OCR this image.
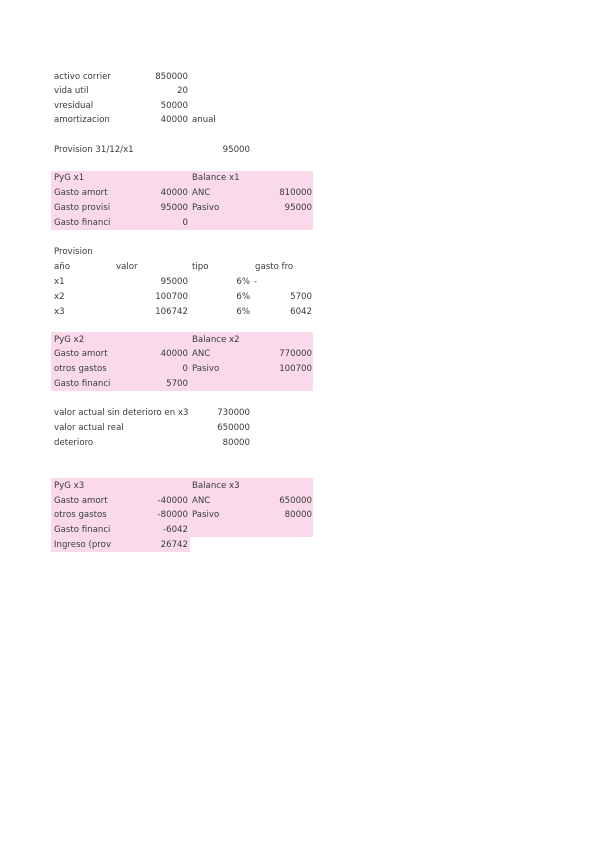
activo corrier	850000
vida util	20
vresidual	50000
amortizacion	40000 anual
Provision 31/12/x1	95000
PyG x1	Balance x1
Gasto amort	40000 ANC	810000
Gasto provisi	95000 Pasivo	95000
Gasto financi	0
Provision
año	valor	tipo	gasto fro
x1	95000	6% -
x2	100700	6%	5700
x3	106742	6%	6042
PyG x2	Balance x2
Gasto amort	40000 ANC	770000
otros gastos	0 Pasivo	100700
Gasto financi	5700
valor actual sin deterioro en x3	730000
valor actual real	650000
deterioro	80000
PyG x3	Balance x3
Gasto amort	-40000 ANC	650000
otros gastos	-80000 Pasivo	80000
Gasto financi	-6042
Ingreso (prov	26742
